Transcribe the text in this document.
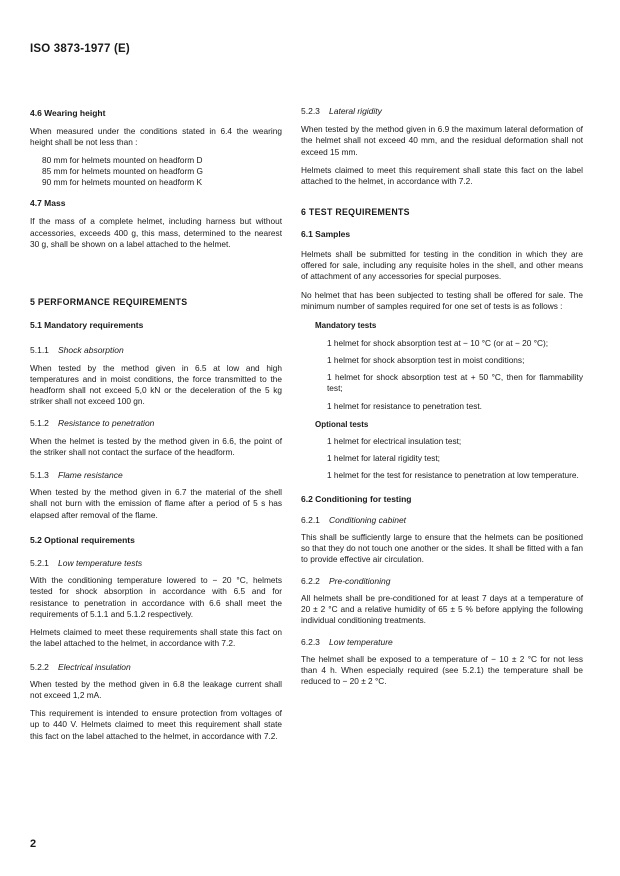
ISO 3873-1977 (E)
4.6 Wearing height

When measured under the conditions stated in 6.4 the wearing height shall be not less than :

80 mm for helmets mounted on headform D

85 mm for helmets mounted on headform G

90 mm for helmets mounted on headform K

4.7 Mass

If the mass of a complete helmet, including harness but without accessories, exceeds 400 g, this mass, determined to the nearest 30 g, shall be shown on a label attached to the helmet.

5 PERFORMANCE REQUIREMENTS
5.1 Mandatory requirements
5.1.1 Shock absorption

When tested by the method given in 6.5 at low and high temperatures and in moist conditions, the force transmitted to the headform shall not exceed 5,0 kN or the deceleration of the 5 kg striker shall not exceed 100 gn.

5.1.2 Resistance to penetration

When the helmet is tested by the method given in 6.6, the point of the striker shall not contact the surface of the headform.

5.1.3 Flame resistance

When tested by the method given in 6.7 the material of the shell shall not burn with the emission of flame after a period of 5 s has elapsed after removal of the flame.

5.2 Optional requirements
5.2.1 Low temperature tests

With the conditioning temperature lowered to − 20 °C, helmets tested for shock absorption in accordance with 6.5 and for resistance to penetration in accordance with 6.6 shall meet the requirements of 5.1.1 and 5.1.2 respectively.

Helmets claimed to meet these requirements shall state this fact on the label attached to the helmet, in accordance with 7.2.

5.2.2 Electrical insulation

When tested by the method given in 6.8 the leakage current shall not exceed 1,2 mA.

This requirement is intended to ensure protection from voltages of up to 440 V. Helmets claimed to meet this requirement shall state this fact on the label attached to the helmet, in accordance with 7.2.

5.2.3 Lateral rigidity

When tested by the method given in 6.9 the maximum lateral deformation of the helmet shall not exceed 40 mm, and the residual deformation shall not exceed 15 mm.

Helmets claimed to meet this requirement shall state this fact on the label attached to the helmet, in accordance with 7.2.

6 TEST REQUIREMENTS
6.1 Samples

Helmets shall be submitted for testing in the condition in which they are offered for sale, including any requisite holes in the shell, and other means of attachment of any accessories for special purposes.

No helmet that has been subjected to testing shall be offered for sale. The minimum number of samples required for one set of tests is as follows :

Mandatory tests

1 helmet for shock absorption test at − 10 °C (or at − 20 °C);

1 helmet for shock absorption test in moist conditions;

1 helmet for shock absorption test at + 50 °C, then for flammability test;

1 helmet for resistance to penetration test.

Optional tests

1 helmet for electrical insulation test;

1 helmet for lateral rigidity test;

1 helmet for the test for resistance to penetration at low temperature.

6.2 Conditioning for testing
6.2.1 Conditioning cabinet

This shall be sufficiently large to ensure that the helmets can be positioned so that they do not touch one another or the sides. It shall be fitted with a fan to provide effective air circulation.

6.2.2 Pre-conditioning

All helmets shall be pre-conditioned for at least 7 days at a temperature of 20 ± 2 °C and a relative humidity of 65 ± 5 % before applying the following individual conditioning treatments.

6.2.3 Low temperature

The helmet shall be exposed to a temperature of − 10 ± 2 °C for not less than 4 h. When especially required (see 5.2.1) the temperature shall be reduced to − 20 ± 2 °C.

2
